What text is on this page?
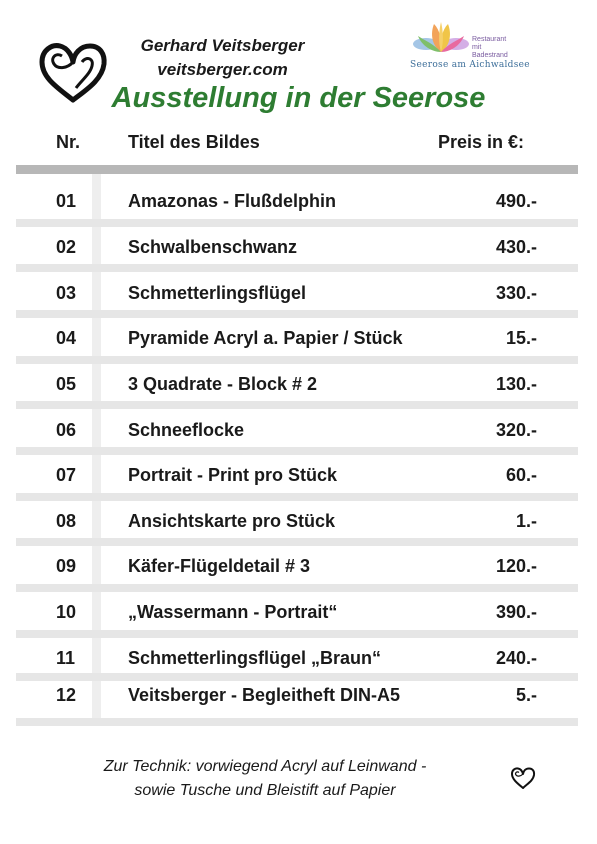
Gerhard Veitsberger
veitsberger.com
Restaurant
mit Badestrand
Seerose am Aichwaldsee
Ausstellung in der Seerose
Nr.	Titel des Bildes	Preis in €:
01	Amazonas - Flußdelphin	490.-
02	Schwalbenschwanz	430.-
03	Schmetterlingsflügel	330.-
04	Pyramide Acryl a. Papier / Stück	15.-
05	3 Quadrate - Block # 2	130.-
06	Schneeflocke	320.-
07	Portrait - Print pro Stück	60.-
08	Ansichtskarte pro Stück	1.-
09	Käfer-Flügeldetail # 3	120.-
10	„Wassermann - Portrait“	390.-
11	Schmetterlingsflügel „Braun“	240.-
12	Veitsberger - Begleitheft DIN-A5	5.-
Zur Technik: vorwiegend Acryl auf Leinwand -
sowie Tusche und Bleistift auf Papier
